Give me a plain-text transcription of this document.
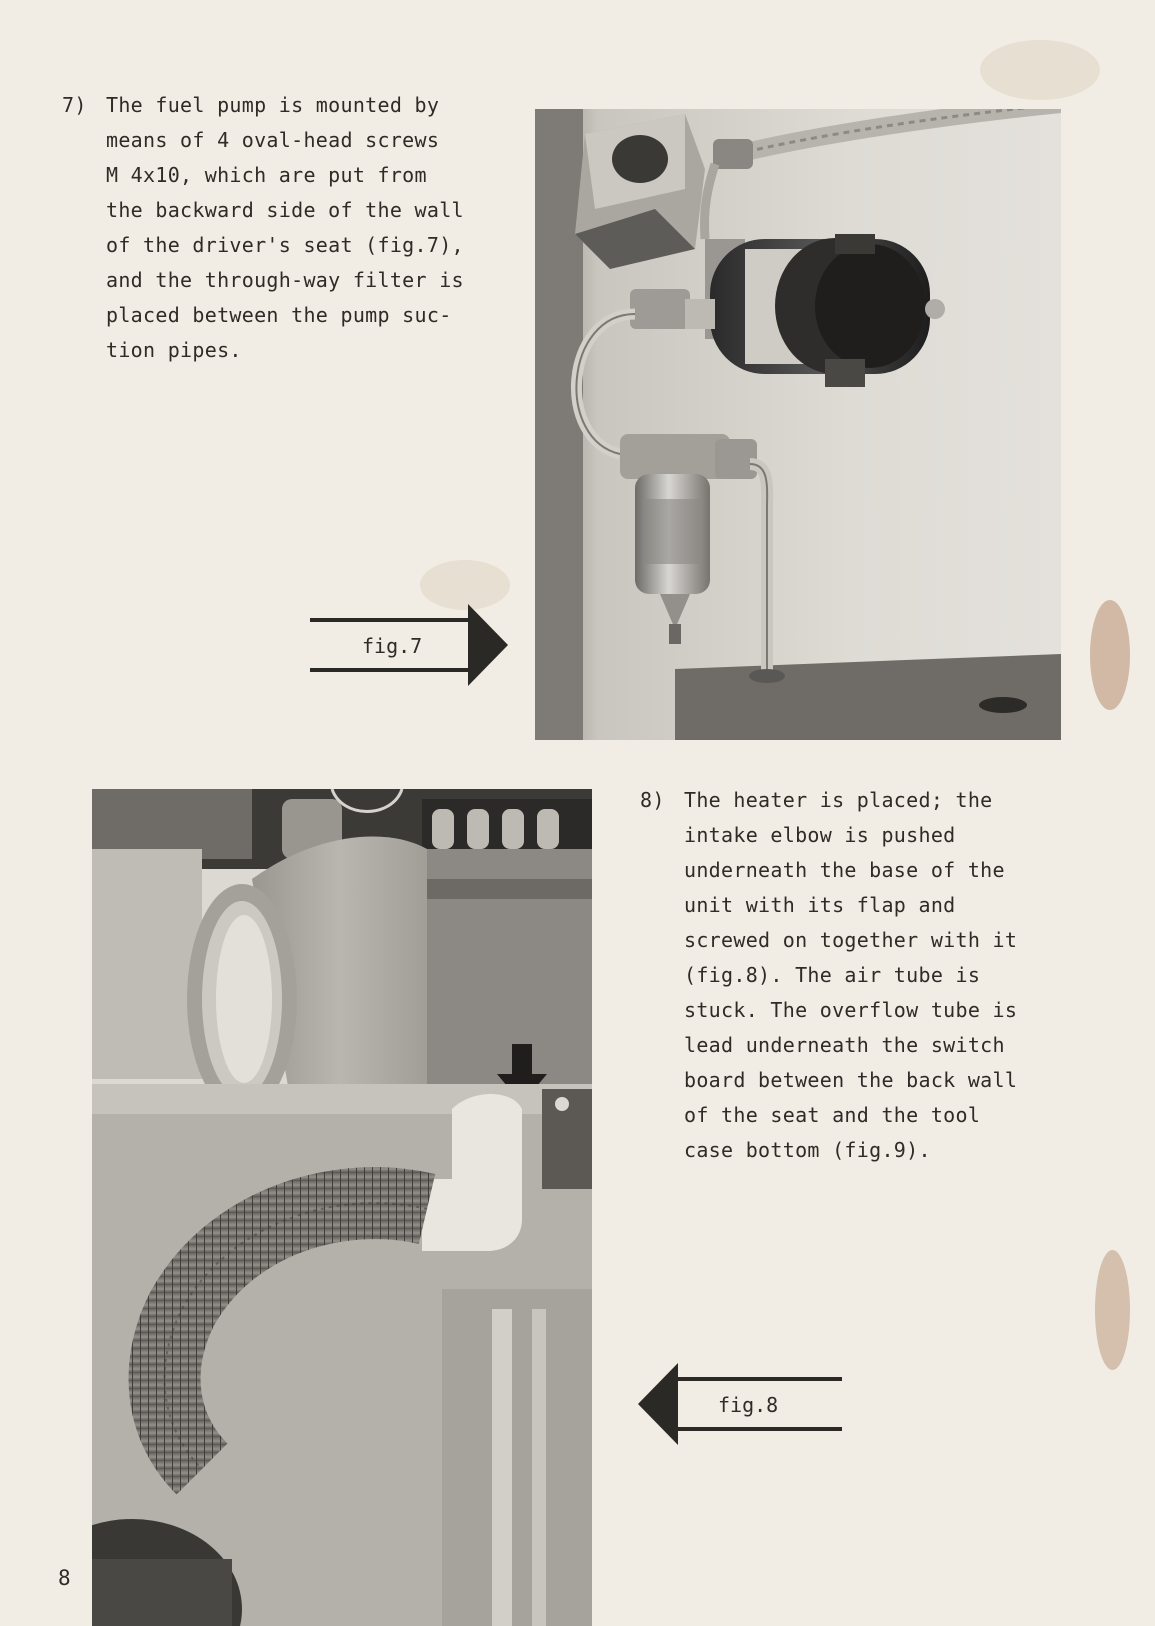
7) The fuel pump is mounted by
means of 4 oval-head screws
M 4x10, which are put from
the backward side of the wall
of the driver's seat (fig.7),
and the through-way filter is
placed between the pump suc-
tion pipes.
fig.7
8) The heater is placed; the
intake elbow is pushed
underneath the base of the
unit with its flap and
screwed on together with it
(fig.8). The air tube is
stuck. The overflow tube is
lead underneath the switch
board between the back wall
of the seat and the tool
case bottom (fig.9).
fig.8
8
